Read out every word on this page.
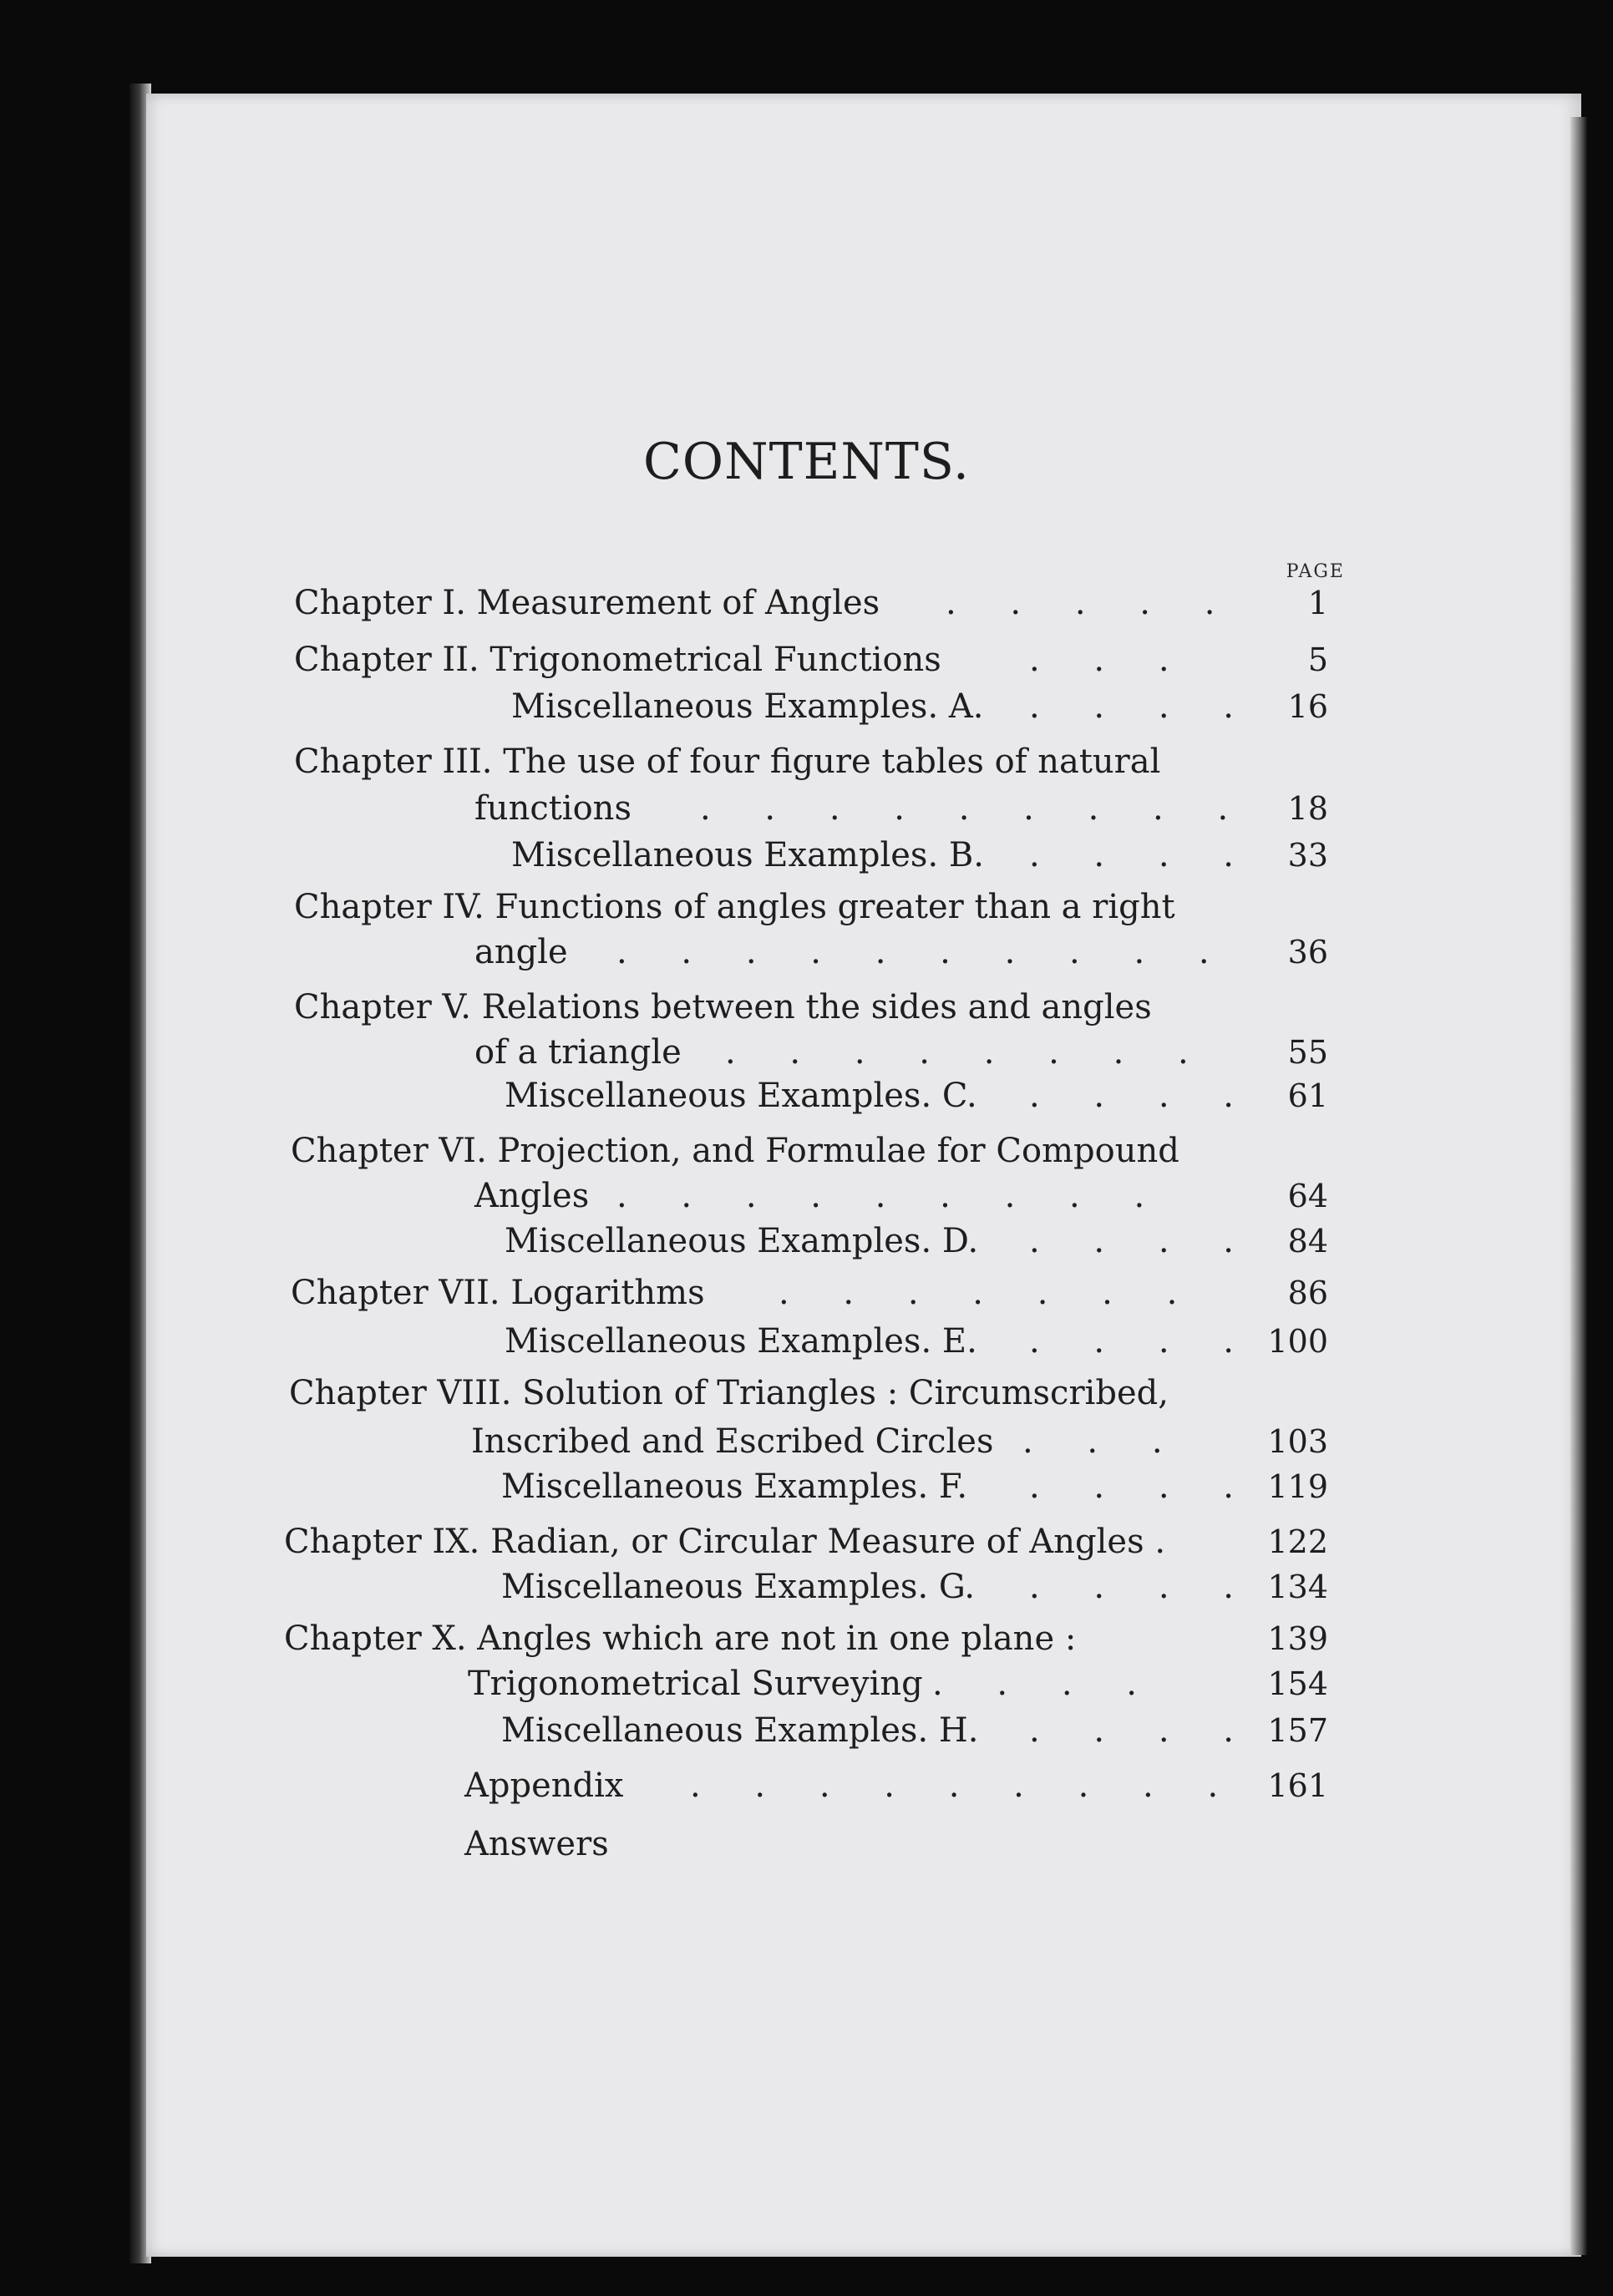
CONTENTS.
PAGE
Chapter I. Measurement of Angles . . . . .	1
Chapter II. Trigonometrical Functions	. . .	5
Miscellaneous Examples. A. . . . .	16
Chapter III. The use of four figure tables of natural
functions . . . . . . . . .	18
Miscellaneous Examples. B. . . . .	33
Chapter IV. Functions of angles greater than a right
angle . . . . . . . . . .	36
Chapter V. Relations between the sides and angles
of a triangle . . . . . . . .	55
Miscellaneous Examples. C. . . . .	61
Chapter VI. Projection, and Formulae for Compound
Angles . . . . . . . . .	64
Miscellaneous Examples. D. . . . .	84
Chapter VII. Logarithms . . . . . . .	86
Miscellaneous Examples. E. . . . . 100
Chapter VIII. Solution of Triangles : Circumscribed,
Inscribed and Escribed Circles . . .	103
Miscellaneous Examples. F. . . . . 119
Chapter IX. Radian, or Circular Measure of Angles .	122
Miscellaneous Examples. G. . . . . 134
Chapter X. Angles which are not in one plane :	139
Trigonometrical Surveying . . . .	154
Miscellaneous Examples. H. . . . . 157
Appendix . . . . . . . . . 161
Answers
